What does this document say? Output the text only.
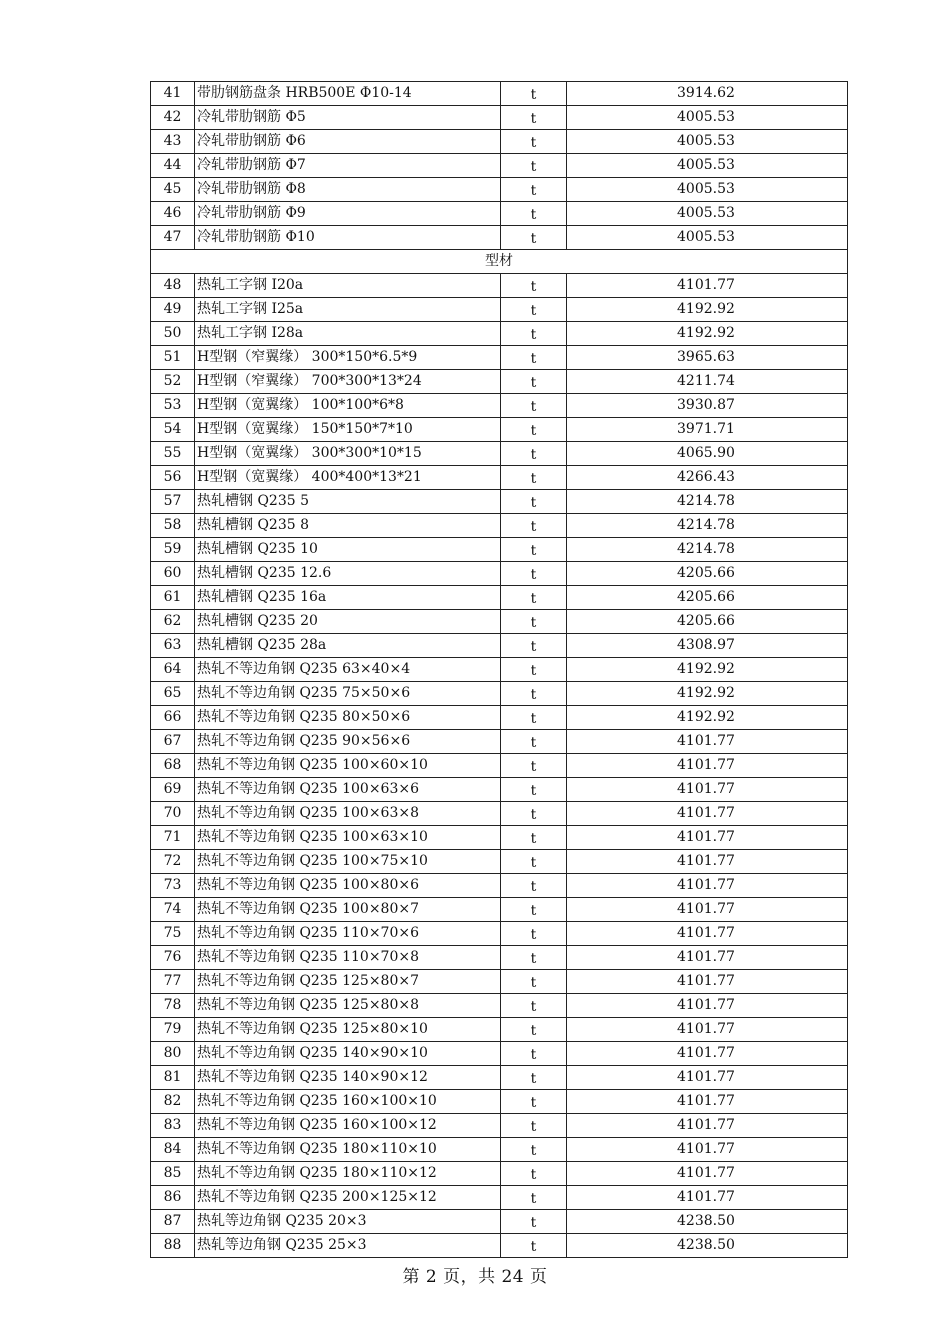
41	带肋钢筋盘条 HRB500E Φ10-14	t	3914.62
42	冷轧带肋钢筋 Φ5	t	4005.53
43	冷轧带肋钢筋 Φ6	t	4005.53
44	冷轧带肋钢筋 Φ7	t	4005.53
45	冷轧带肋钢筋 Φ8	t	4005.53
46	冷轧带肋钢筋 Φ9	t	4005.53
47	冷轧带肋钢筋 Φ10	t	4005.53
型材			
48	热轧工字钢 I20a	t	4101.77
49	热轧工字钢 I25a	t	4192.92
50	热轧工字钢 I28a	t	4192.92
51	H型钢（窄翼缘） 300*150*6.5*9	t	3965.63
52	H型钢（窄翼缘） 700*300*13*24	t	4211.74
53	H型钢（宽翼缘） 100*100*6*8	t	3930.87
54	H型钢（宽翼缘） 150*150*7*10	t	3971.71
55	H型钢（宽翼缘） 300*300*10*15	t	4065.90
56	H型钢（宽翼缘） 400*400*13*21	t	4266.43
57	热轧槽钢 Q235 5	t	4214.78
58	热轧槽钢 Q235 8	t	4214.78
59	热轧槽钢 Q235 10	t	4214.78
60	热轧槽钢 Q235 12.6	t	4205.66
61	热轧槽钢 Q235 16a	t	4205.66
62	热轧槽钢 Q235 20	t	4205.66
63	热轧槽钢 Q235 28a	t	4308.97
64	热轧不等边角钢 Q235 63×40×4	t	4192.92
65	热轧不等边角钢 Q235 75×50×6	t	4192.92
66	热轧不等边角钢 Q235 80×50×6	t	4192.92
67	热轧不等边角钢 Q235 90×56×6	t	4101.77
68	热轧不等边角钢 Q235 100×60×10	t	4101.77
69	热轧不等边角钢 Q235 100×63×6	t	4101.77
70	热轧不等边角钢 Q235 100×63×8	t	4101.77
71	热轧不等边角钢 Q235 100×63×10	t	4101.77
72	热轧不等边角钢 Q235 100×75×10	t	4101.77
73	热轧不等边角钢 Q235 100×80×6	t	4101.77
74	热轧不等边角钢 Q235 100×80×7	t	4101.77
75	热轧不等边角钢 Q235 110×70×6	t	4101.77
76	热轧不等边角钢 Q235 110×70×8	t	4101.77
77	热轧不等边角钢 Q235 125×80×7	t	4101.77
78	热轧不等边角钢 Q235 125×80×8	t	4101.77
79	热轧不等边角钢 Q235 125×80×10	t	4101.77
80	热轧不等边角钢 Q235 140×90×10	t	4101.77
81	热轧不等边角钢 Q235 140×90×12	t	4101.77
82	热轧不等边角钢 Q235 160×100×10	t	4101.77
83	热轧不等边角钢 Q235 160×100×12	t	4101.77
84	热轧不等边角钢 Q235 180×110×10	t	4101.77
85	热轧不等边角钢 Q235 180×110×12	t	4101.77
86	热轧不等边角钢 Q235 200×125×12	t	4101.77
87	热轧等边角钢 Q235 20×3	t	4238.50
88	热轧等边角钢 Q235 25×3	t	4238.50
第 2 页，共 24 页
